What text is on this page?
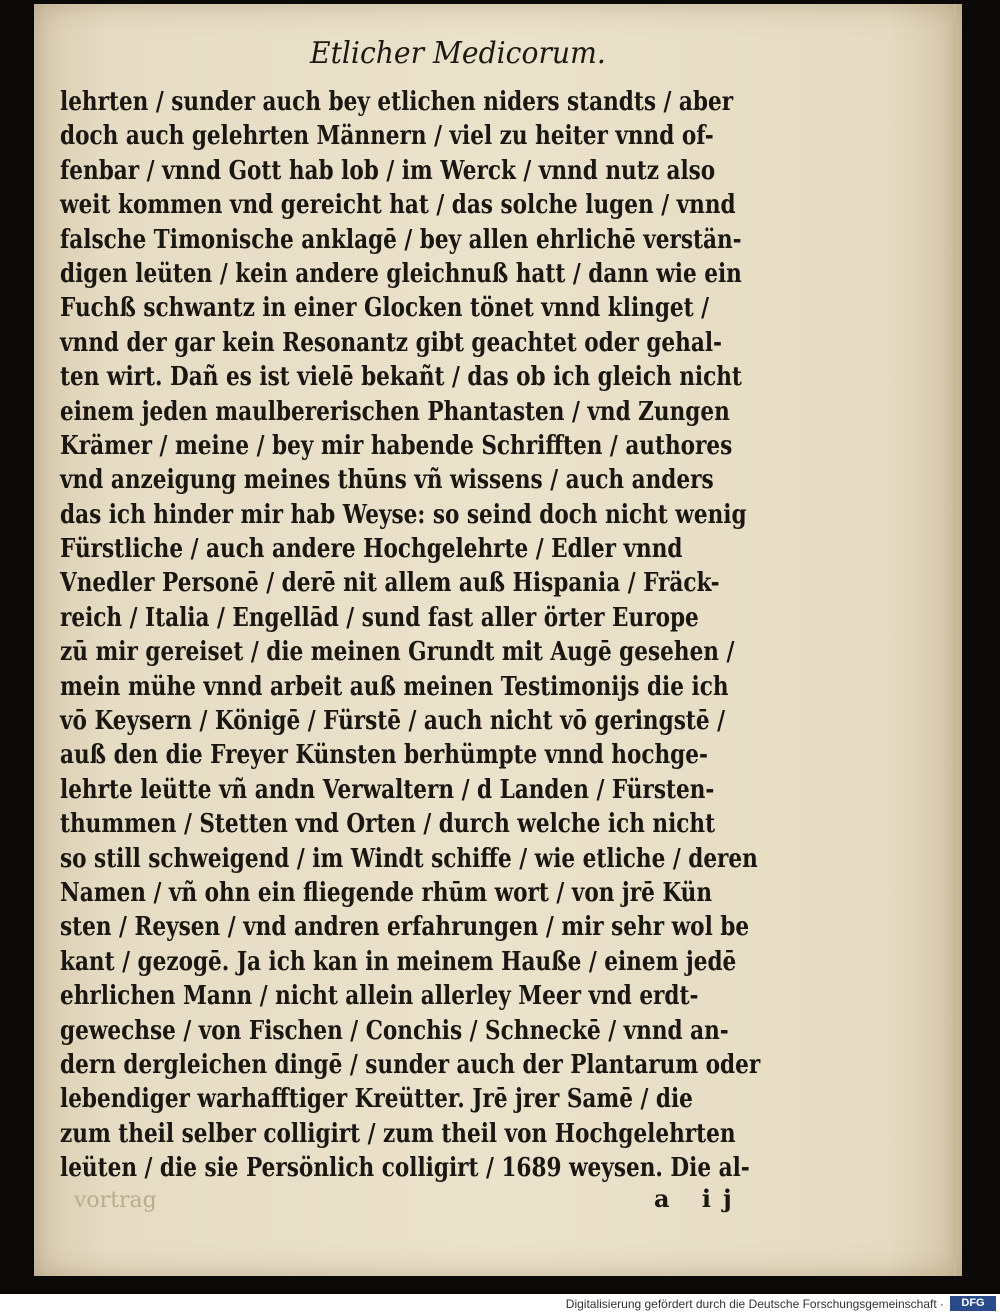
Etlicher Medicorum.
lehrten / sunder auch bey etlichen niders standts / aber
doch auch gelehrten Männern / viel zu heiter vnnd of-
fenbar / vnnd Gott hab lob / im Werck / vnnd nutz also
weit kommen vnd gereicht hat / das solche lugen / vnnd
falsche Timonische anklagē / bey allen ehrlichē verstän-
digen leüten / kein andere gleichnuß hatt / dann wie ein
Fuchß schwantz in einer Glocken tönet vnnd klinget /
vnnd der gar kein Resonantz gibt geachtet oder gehal-
ten wirt. Dañ es ist vielē bekañt / das ob ich gleich nicht
einem jeden maulbererischen Phantasten / vnd Zungen
Krämer / meine / bey mir habende Schrifften / authores
vnd anzeigung meines thūns vñ wissens / auch anders
das ich hinder mir hab Weyse: so seind doch nicht wenig
Fürstliche / auch andere Hochgelehrte / Edler vnnd
Vnedler Personē / derē nit allem auß Hispania / Fräck-
reich / Italia / Engellād / sund fast aller örter Europe
zū mir gereiset / die meinen Grundt mit Augē gesehen /
mein mühe vnnd arbeit auß meinen Testimonijs die ich
vō Keysern / Königē / Fürstē / auch nicht vō geringstē /
auß den die Freyer Künsten berhümpte vnnd hochge-
lehrte leütte vñ andn Verwaltern / d Landen / Fürsten-
thummen / Stetten vnd Orten / durch welche ich nicht
so still schweigend / im Windt schiffe / wie etliche / deren
Namen / vñ ohn ein fliegende rhūm wort / von jrē Kün
sten / Reysen / vnd andren erfahrungen / mir sehr wol be
kant / gezogē. Ja ich kan in meinem Hauße / einem jedē
ehrlichen Mann / nicht allein allerley Meer vnd erdt-
gewechse / von Fischen / Conchis / Schneckē / vnnd an-
dern dergleichen dingē / sunder auch der Plantarum oder
lebendiger warhafftiger Kreütter. Jrē jrer Samē / die
zum theil selber colligirt / zum theil von Hochgelehrten
leüten / die sie Persönlich colligirt / 1689 weysen. Die al-
vortrag	a ij
Digitalisierung gefördert durch die Deutsche Forschungsgemeinschaft ·	DFG
